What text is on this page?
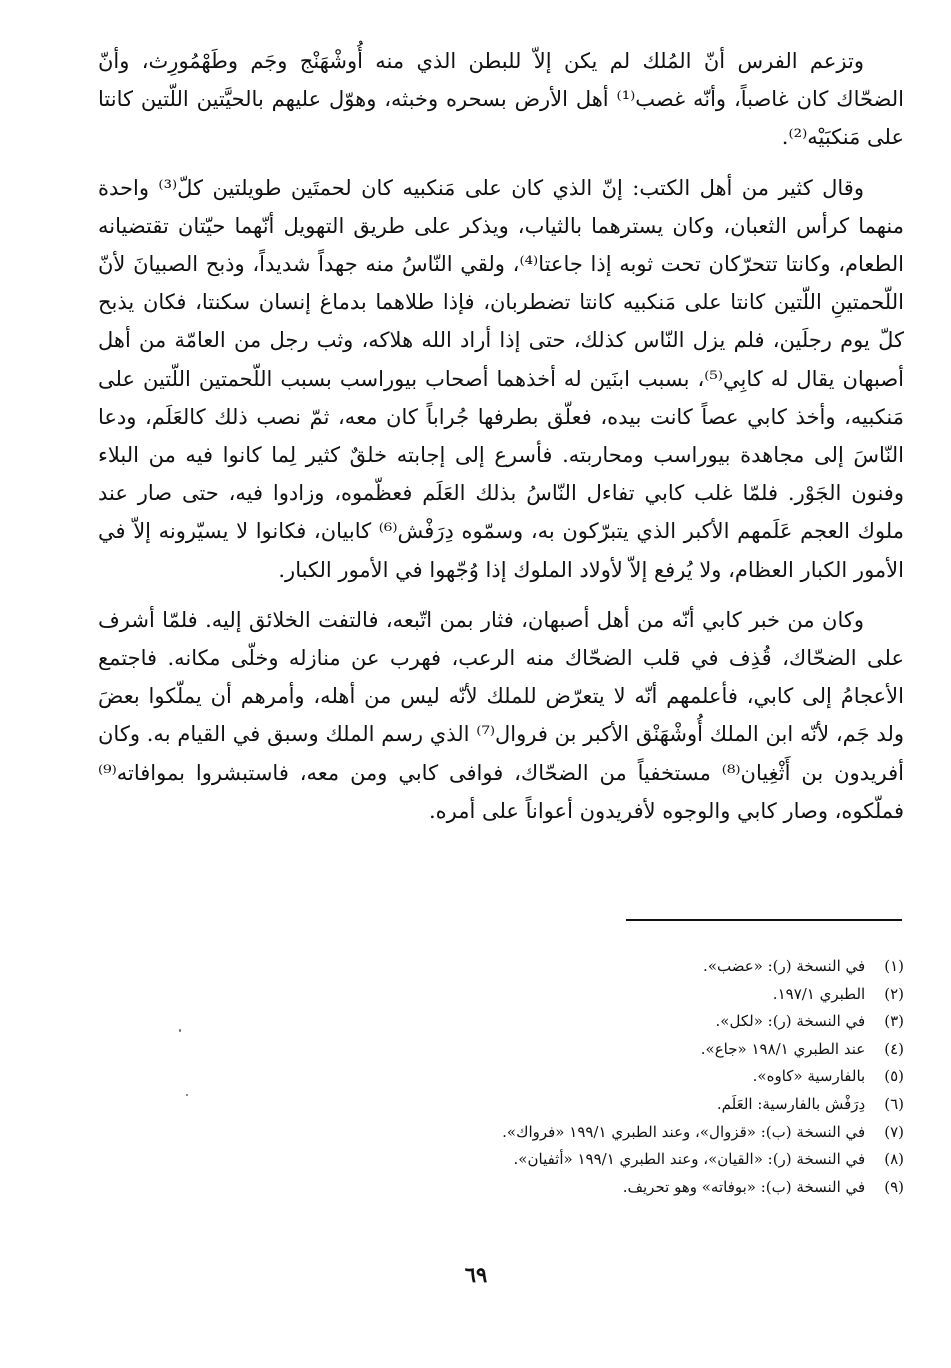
وتزعم الفرس أنّ المُلك لم يكن إلاّ للبطن الذي منه أُوشْهَنْج وجَم وطَهْمُورِث، وأنّ الضحّاك كان غاصباً، وأنّه غصب⁽¹⁾ أهل الأرض بسحره وخبثه، وهوّل عليهم بالحيَّتين اللّتين كانتا على مَنكبَيْه⁽²⁾.

وقال كثير من أهل الكتب: إنّ الذي كان على مَنكبيه كان لحمتَين طويلتين كلّ⁽³⁾ واحدة منهما كرأس الثعبان، وكان يسترهما بالثياب، ويذكر على طريق التهويل أنّهما حيّتان تقتضيانه الطعام، وكانتا تتحرّكان تحت ثوبه إذا جاعتا⁽⁴⁾، ولقي النّاسُ منه جهداً شديداً، وذبح الصبيانَ لأنّ اللّحمتينِ اللّتين كانتا على مَنكبيه كانتا تضطربان، فإذا طلاهما بدماغ إنسان سكنتا، فكان يذبح كلّ يوم رجلَين، فلم يزل النّاس كذلك، حتى إذا أراد الله هلاكه، وثب رجل من العامّة من أهل أصبهان يقال له كابِي⁽⁵⁾، بسبب ابنَين له أخذهما أصحاب بيوراسب بسبب اللّحمتين اللّتين على مَنكبيه، وأخذ كابي عصاً كانت بيده، فعلّق بطرفها جُراباً كان معه، ثمّ نصب ذلك كالعَلَم، ودعا النّاسَ إلى مجاهدة بيوراسب ومحاربته. فأسرع إلى إجابته خلقٌ كثير لِما كانوا فيه من البلاء وفنون الجَوْر. فلمّا غلب كابي تفاءل النّاسُ بذلك العَلَم فعظّموه، وزادوا فيه، حتى صار عند ملوك العجم عَلَمهم الأكبر الذي يتبرّكون به، وسمّوه دِرَفْش⁽⁶⁾ كابيان، فكانوا لا يسيّرونه إلاّ في الأمور الكبار العظام، ولا يُرفع إلاّ لأولاد الملوك إذا وُجّهوا في الأمور الكبار.

وكان من خبر كابي أنّه من أهل أصبهان، فثار بمن اتّبعه، فالتفت الخلائق إليه. فلمّا أشرف على الضحّاك، قُذِف في قلب الضحّاك منه الرعب، فهرب عن منازله وخلّى مكانه. فاجتمع الأعجامُ إلى كابي، فأعلمهم أنّه لا يتعرّض للملك لأنّه ليس من أهله، وأمرهم أن يملّكوا بعضَ ولد جَم، لأنّه ابن الملك أُوشْهَنْق الأكبر بن فروال⁽⁷⁾ الذي رسم الملك وسبق في القيام به. وكان أفريدون بن أَثْغِيان⁽⁸⁾ مستخفياً من الضحّاك، فوافى كابي ومن معه، فاستبشروا بموافاته⁽⁹⁾ فملّكوه، وصار كابي والوجوه لأفريدون أعواناً على أمره.

(١) في النسخة (ر): «عضب».

(٢) الطبري ١٩٧/١.

(٣) في النسخة (ر): «لكل».

(٤) عند الطبري ١٩٨/١ «جاع».

(٥) بالفارسية «كاوه».

(٦) دِرَفْش بالفارسية: العَلَم.

(٧) في النسخة (ب): «قزوال»، وعند الطبري ١٩٩/١ «فرواك».

(٨) في النسخة (ر): «القيان»، وعند الطبري ١٩٩/١ «أثفيان».

(٩) في النسخة (ب): «بوفاته» وهو تحريف.

٦٩
